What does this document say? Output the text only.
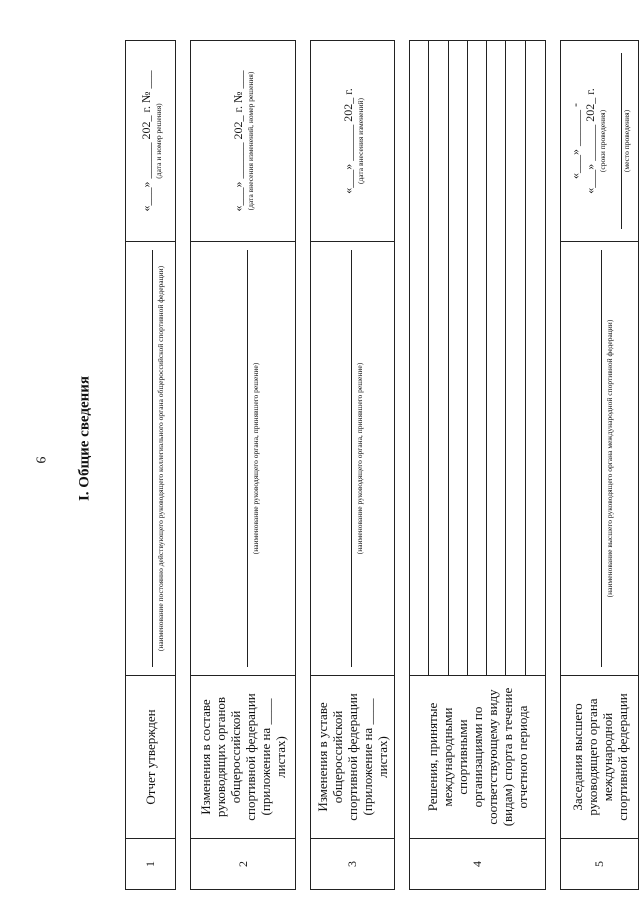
9 I. Общие сведения
1	Отчет утвержден	(наименование постоянно действующего руководящего коллегиального органа общероссийской спортивной федерации)	«___» ______ 202_ г. № ___ (дата и номер решения)

2	Изменения в составе руководящих органов общероссийской спортивной федерации (приложение на ____ листах)	(наименование руководящего органа, принявшего решение)	«___» ______ 202_ г. № ___ (дата внесения изменений, номер решения)

3	Изменения в уставе общероссийской спортивной федерации (приложение на ____ листах)	(наименование руководящего органа, принявшего решение)	«___» ______ 202_ г. (дата внесения изменений)

4	Решения, принятые международными спортивными организациями по соответствующему виду (видам) спорта в течение отчетного периода		

5	Заседания высшего руководящего органа международной спортивной федерации	(наименование высшего руководящего органа международной спортивной федерации)	«___» ______ - «___» ______ 202_ г. (сроки проведения) (место проведения)
